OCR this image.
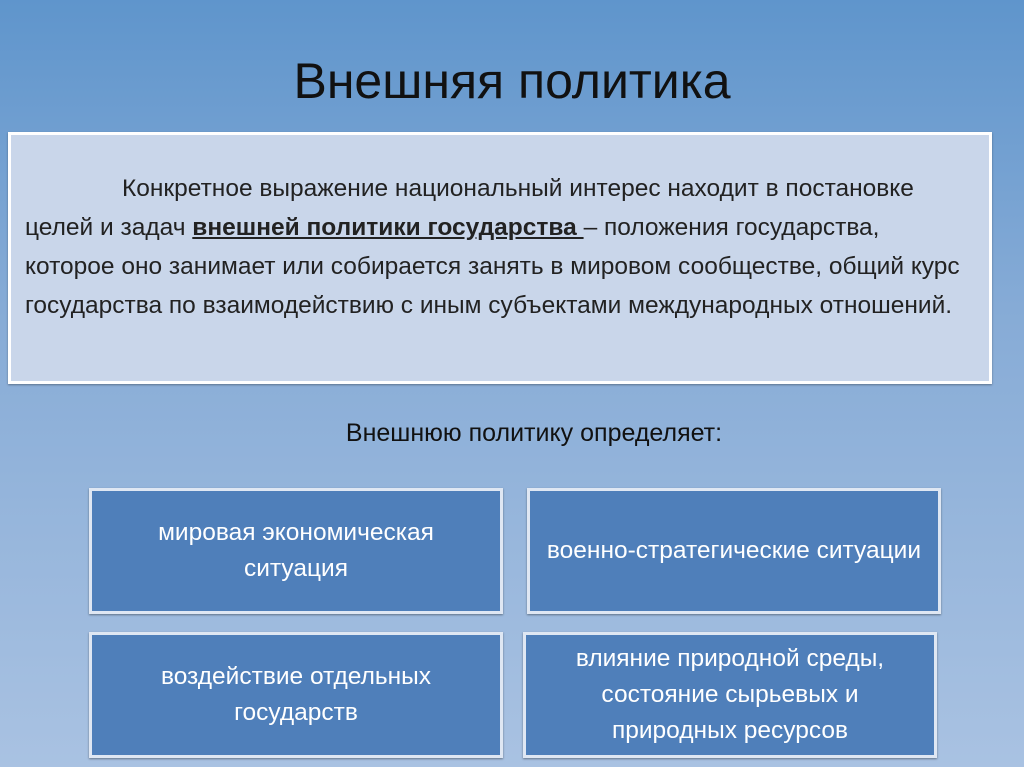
Внешняя политика
Конкретное выражение национальный интерес находит в постановке целей и задач внешней политики государства – положения государства, которое оно занимает или собирается занять в мировом сообществе, общий курс государства по взаимодействию с иным субъектами международных отношений.
Внешнюю политику определяет:
мировая экономическая ситуация
военно-стратегические ситуации
воздействие отдельных государств
влияние природной среды, состояние сырьевых и природных ресурсов
